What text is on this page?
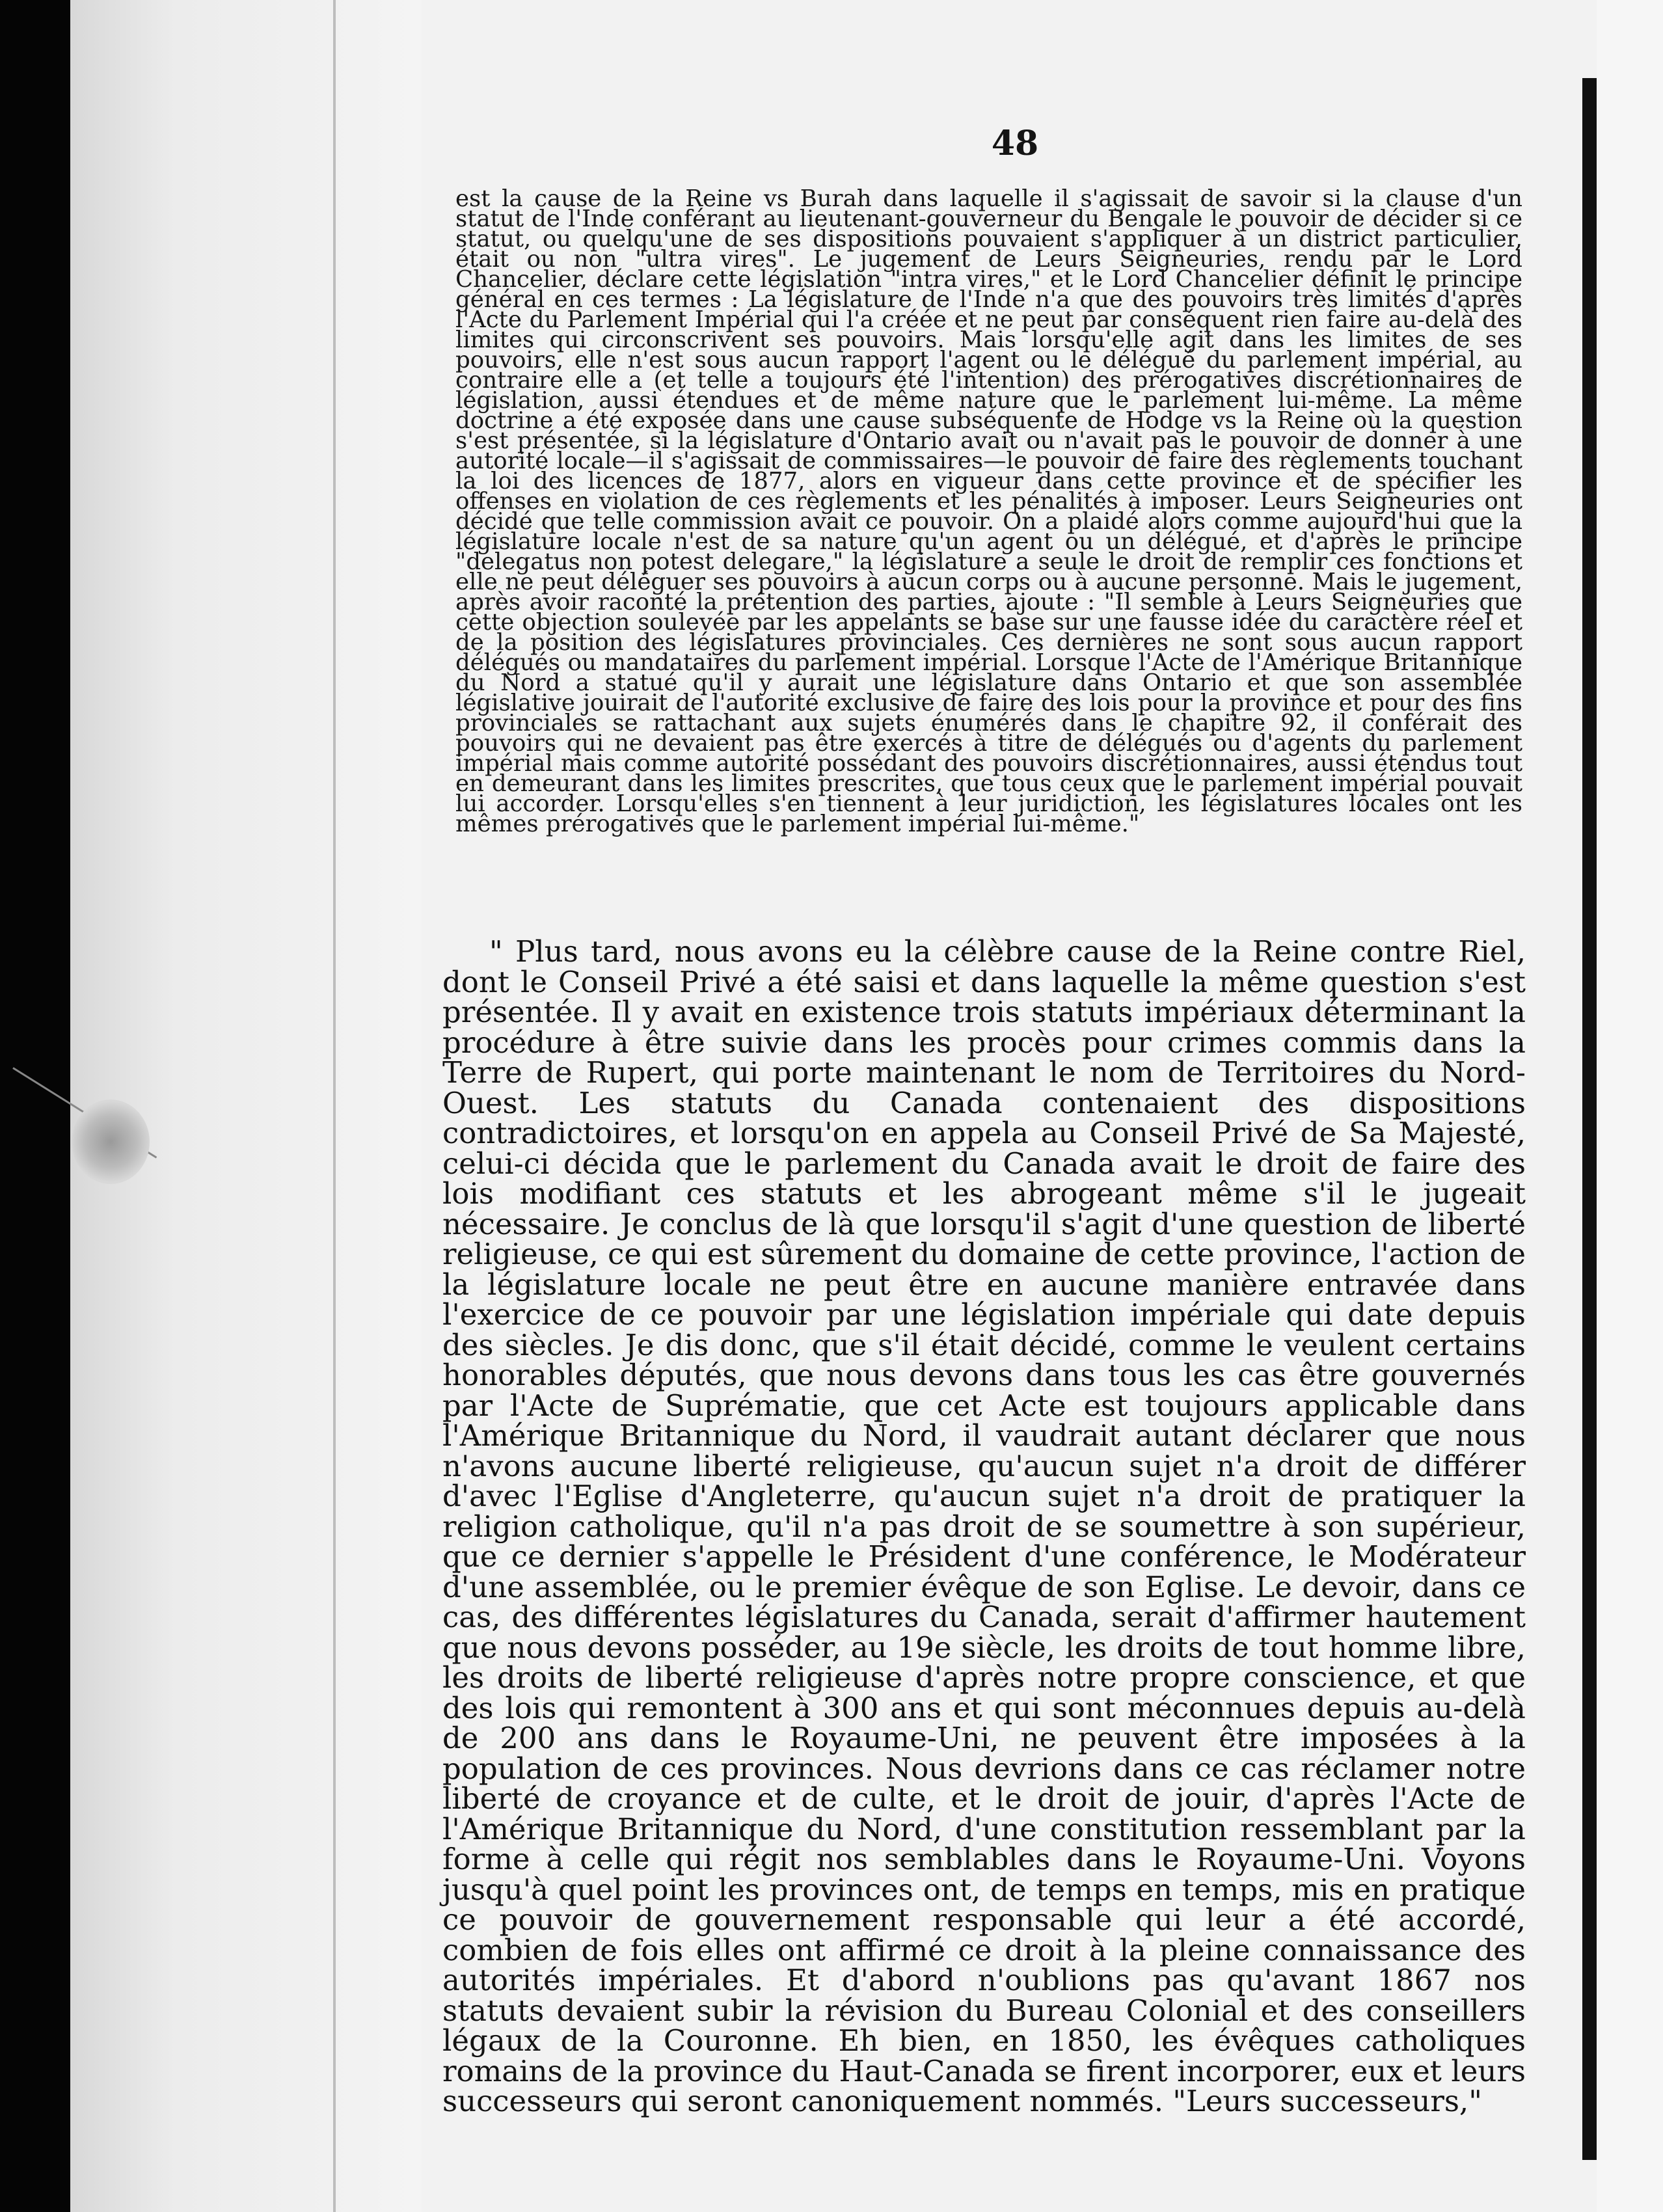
48

est la cause de la Reine vs Burah dans laquelle il s'agissait de savoir si la clause d'un statut de l'Inde conférant au lieutenant-gouverneur du Bengale le pouvoir de décider si ce statut, ou quelqu'une de ses dispositions pouvaient s'appliquer à un district particulier, était ou non "ultra vires". Le jugement de Leurs Seigneuries, rendu par le Lord Chancelier, déclare cette législation "intra vires," et le Lord Chancelier définit le principe général en ces termes : La législature de l'Inde n'a que des pouvoirs très limités d'après l'Acte du Parlement Impérial qui l'a créée et ne peut par conséquent rien faire au-delà des limites qui circonscrivent ses pouvoirs. Mais lorsqu'elle agit dans les limites de ses pouvoirs, elle n'est sous aucun rapport l'agent ou le délégué du parlement impérial, au contraire elle a (et telle a toujours été l'intention) des prérogatives discrétionnaires de législation, aussi étendues et de même nature que le parlement lui-même. La même doctrine a été exposée dans une cause subséquente de Hodge vs la Reine où la question s'est présentée, si la législature d'Ontario avait ou n'avait pas le pouvoir de donner à une autorité locale—il s'agissait de commissaires—le pouvoir de faire des règlements touchant la loi des licences de 1877, alors en vigueur dans cette province et de spécifier les offenses en violation de ces règlements et les pénalités à imposer. Leurs Seigneuries ont décidé que telle commission avait ce pouvoir. On a plaidé alors comme aujourd'hui que la législature locale n'est de sa nature qu'un agent ou un délégué, et d'après le principe "delegatus non potest delegare," la législature a seule le droit de remplir ces fonctions et elle ne peut déléguer ses pouvoirs à aucun corps ou à aucune personne. Mais le jugement, après avoir raconté la prétention des parties, ajoute : "Il semble à Leurs Seigneuries que cette objection soulevée par les appelants se base sur une fausse idée du caractère réel et de la position des législatures provinciales. Ces dernières ne sont sous aucun rapport délégués ou mandataires du parlement impérial. Lorsque l'Acte de l'Amérique Britannique du Nord a statué qu'il y aurait une législature dans Ontario et que son assemblée législative jouirait de l'autorité exclusive de faire des lois pour la province et pour des fins provinciales se rattachant aux sujets énumérés dans le chapitre 92, il conférait des pouvoirs qui ne devaient pas être exercés à titre de délégués ou d'agents du parlement impérial mais comme autorité possédant des pouvoirs discrétionnaires, aussi étendus tout en demeurant dans les limites prescrites, que tous ceux que le parlement impérial pouvait lui accorder. Lorsqu'elles s'en tiennent à leur juridiction, les législatures locales ont les mêmes prérogatives que le parlement impérial lui-même."

" Plus tard, nous avons eu la célèbre cause de la Reine contre Riel, dont le Conseil Privé a été saisi et dans laquelle la même question s'est présentée. Il y avait en existence trois statuts impériaux déterminant la procédure à être suivie dans les procès pour crimes commis dans la Terre de Rupert, qui porte maintenant le nom de Territoires du Nord-Ouest. Les statuts du Canada contenaient des dispositions contradictoires, et lorsqu'on en appela au Conseil Privé de Sa Majesté, celui-ci décida que le parlement du Canada avait le droit de faire des lois modifiant ces statuts et les abrogeant même s'il le jugeait nécessaire. Je conclus de là que lorsqu'il s'agit d'une question de liberté religieuse, ce qui est sûrement du domaine de cette province, l'action de la législature locale ne peut être en aucune manière entravée dans l'exercice de ce pouvoir par une législation impériale qui date depuis des siècles. Je dis donc, que s'il était décidé, comme le veulent certains honorables députés, que nous devons dans tous les cas être gouvernés par l'Acte de Suprématie, que cet Acte est toujours applicable dans l'Amérique Britannique du Nord, il vaudrait autant déclarer que nous n'avons aucune liberté religieuse, qu'aucun sujet n'a droit de différer d'avec l'Eglise d'Angleterre, qu'aucun sujet n'a droit de pratiquer la religion catholique, qu'il n'a pas droit de se soumettre à son supérieur, que ce dernier s'appelle le Président d'une conférence, le Modérateur d'une assemblée, ou le premier évêque de son Eglise. Le devoir, dans ce cas, des différentes législatures du Canada, serait d'affirmer hautement que nous devons posséder, au 19e siècle, les droits de tout homme libre, les droits de liberté religieuse d'après notre propre conscience, et que des lois qui remontent à 300 ans et qui sont méconnues depuis au-delà de 200 ans dans le Royaume-Uni, ne peuvent être imposées à la population de ces provinces. Nous devrions dans ce cas réclamer notre liberté de croyance et de culte, et le droit de jouir, d'après l'Acte de l'Amérique Britannique du Nord, d'une constitution ressemblant par la forme à celle qui régit nos semblables dans le Royaume-Uni. Voyons jusqu'à quel point les provinces ont, de temps en temps, mis en pratique ce pouvoir de gouvernement responsable qui leur a été accordé, combien de fois elles ont affirmé ce droit à la pleine connaissance des autorités impériales. Et d'abord n'oublions pas qu'avant 1867 nos statuts devaient subir la révision du Bureau Colonial et des conseillers légaux de la Couronne. Eh bien, en 1850, les évêques catholiques romains de la province du Haut-Canada se firent incorporer, eux et leurs successeurs qui seront canoniquement nommés. "Leurs successeurs,"
